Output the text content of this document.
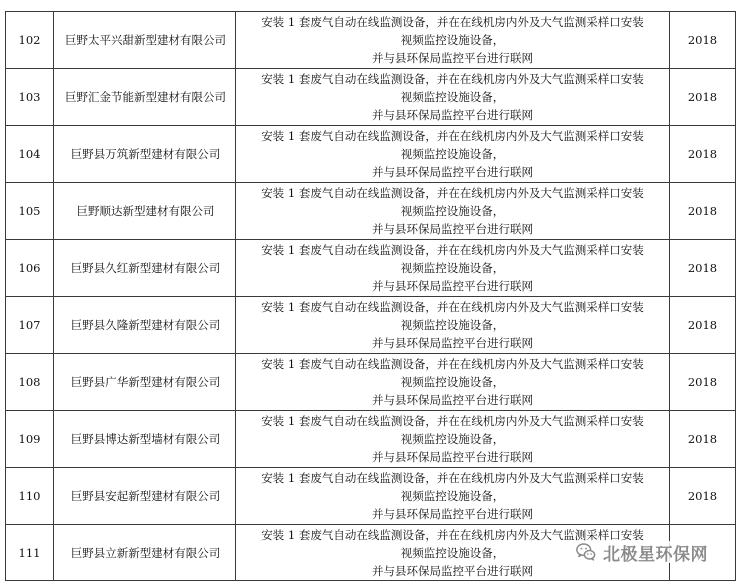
102	巨野太平兴甜新型建材有限公司	安装 1 套废气自动在线监测设备，并在在线机房内外及大气监测采样口安装
视频监控设施设备，
并与县环保局监控平台进行联网	2018
103	巨野汇金节能新型建材有限公司	安装 1 套废气自动在线监测设备，并在在线机房内外及大气监测采样口安装
视频监控设施设备，
并与县环保局监控平台进行联网	2018
104	巨野县万筑新型建材有限公司	安装 1 套废气自动在线监测设备，并在在线机房内外及大气监测采样口安装
视频监控设施设备，
并与县环保局监控平台进行联网	2018
105	巨野顺达新型建材有限公司	安装 1 套废气自动在线监测设备，并在在线机房内外及大气监测采样口安装
视频监控设施设备，
并与县环保局监控平台进行联网	2018
106	巨野县久红新型建材有限公司	安装 1 套废气自动在线监测设备，并在在线机房内外及大气监测采样口安装
视频监控设施设备，
并与县环保局监控平台进行联网	2018
107	巨野县久隆新型建材有限公司	安装 1 套废气自动在线监测设备，并在在线机房内外及大气监测采样口安装
视频监控设施设备，
并与县环保局监控平台进行联网	2018
108	巨野县广华新型建材有限公司	安装 1 套废气自动在线监测设备，并在在线机房内外及大气监测采样口安装
视频监控设施设备，
并与县环保局监控平台进行联网	2018
109	巨野县博达新型墙材有限公司	安装 1 套废气自动在线监测设备，并在在线机房内外及大气监测采样口安装
视频监控设施设备，
并与县环保局监控平台进行联网	2018
110	巨野县安起新型建材有限公司	安装 1 套废气自动在线监测设备，并在在线机房内外及大气监测采样口安装
视频监控设施设备，
并与县环保局监控平台进行联网	2018
111	巨野县立新新型建材有限公司	安装 1 套废气自动在线监测设备，并在在线机房内外及大气监测采样口安装
视频监控设施设备，
并与县环保局监控平台进行联网	

北极星环保网
